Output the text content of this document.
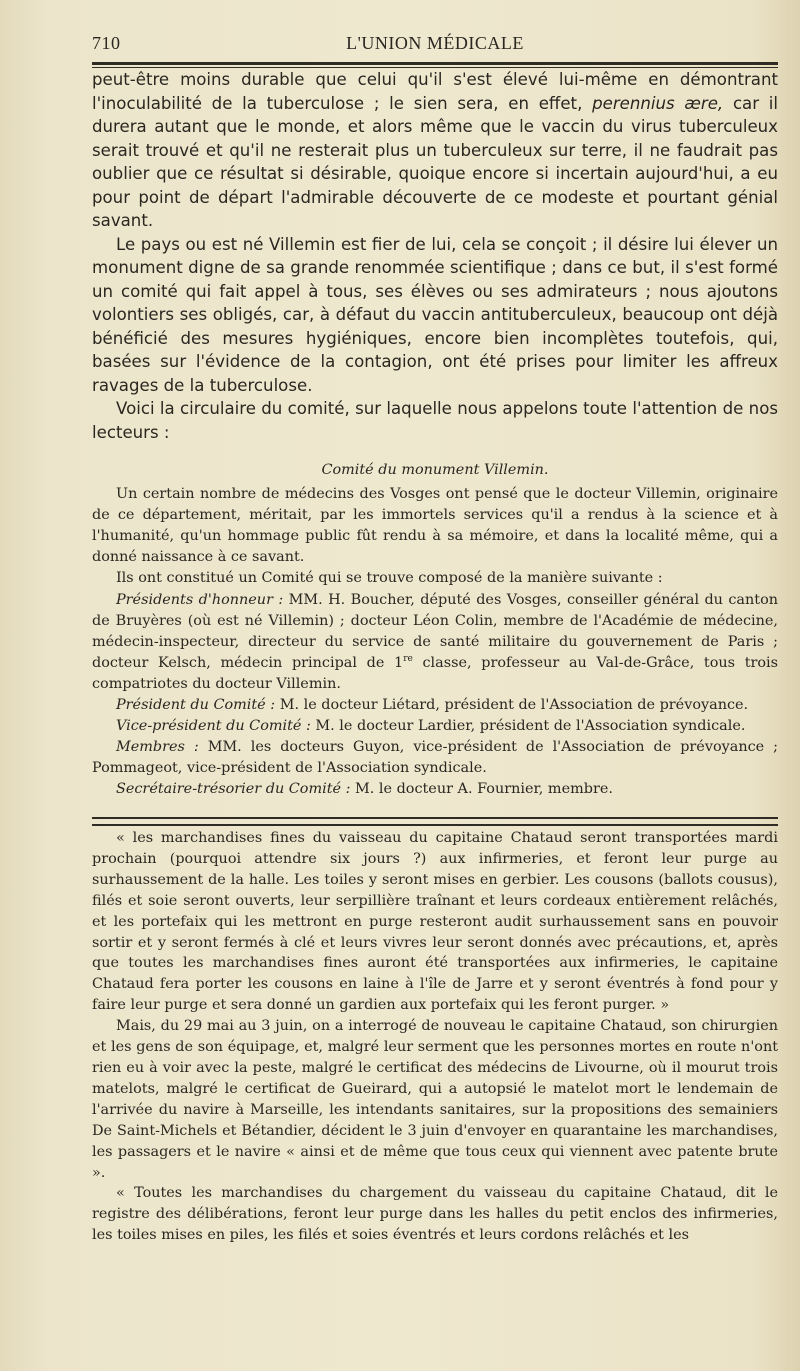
710	L'UNION MÉDICALE

peut-être moins durable que celui qu'il s'est élevé lui-même en démontrant l'inoculabilité de la tuberculose ; le sien sera, en effet, perennius ære, car il durera autant que le monde, et alors même que le vaccin du virus tuberculeux serait trouvé et qu'il ne resterait plus un tuberculeux sur terre, il ne faudrait pas oublier que ce résultat si désirable, quoique encore si incertain aujourd'hui, a eu pour point de départ l'admirable découverte de ce modeste et pourtant génial savant.

Le pays ou est né Villemin est fier de lui, cela se conçoit ; il désire lui élever un monument digne de sa grande renommée scientifique ; dans ce but, il s'est formé un comité qui fait appel à tous, ses élèves ou ses admirateurs ; nous ajoutons volontiers ses obligés, car, à défaut du vaccin antituberculeux, beaucoup ont déjà bénéficié des mesures hygiéniques, encore bien incomplètes toutefois, qui, basées sur l'évidence de la contagion, ont été prises pour limiter les affreux ravages de la tuberculose.

Voici la circulaire du comité, sur laquelle nous appelons toute l'attention de nos lecteurs :

Comité du monument Villemin.

Un certain nombre de médecins des Vosges ont pensé que le docteur Villemin, originaire de ce département, méritait, par les immortels services qu'il a rendus à la science et à l'humanité, qu'un hommage public fût rendu à sa mémoire, et dans la localité même, qui a donné naissance à ce savant.

Ils ont constitué un Comité qui se trouve composé de la manière suivante :

Présidents d'honneur : MM. H. Boucher, député des Vosges, conseiller général du canton de Bruyères (où est né Villemin) ; docteur Léon Colin, membre de l'Académie de médecine, médecin-inspecteur, directeur du service de santé militaire du gouvernement de Paris ; docteur Kelsch, médecin principal de 1re classe, professeur au Val-de-Grâce, tous trois compatriotes du docteur Villemin.

Président du Comité : M. le docteur Liétard, président de l'Association de prévoyance.

Vice-président du Comité : M. le docteur Lardier, président de l'Association syndicale.

Membres : MM. les docteurs Guyon, vice-président de l'Association de prévoyance ; Pommageot, vice-président de l'Association syndicale.

Secrétaire-trésorier du Comité : M. le docteur A. Fournier, membre.

« les marchandises fines du vaisseau du capitaine Chataud seront transportées mardi prochain (pourquoi attendre six jours ?) aux infirmeries, et feront leur purge au surhaussement de la halle. Les toiles y seront mises en gerbier. Les cousons (ballots cousus), filés et soie seront ouverts, leur serpillière traînant et leurs cordeaux entièrement relâchés, et les portefaix qui les mettront en purge resteront audit surhaussement sans en pouvoir sortir et y seront fermés à clé et leurs vivres leur seront donnés avec précautions, et, après que toutes les marchandises fines auront été transportées aux infirmeries, le capitaine Chataud fera porter les cousons en laine à l'île de Jarre et y seront éventrés à fond pour y faire leur purge et sera donné un gardien aux portefaix qui les feront purger. »

Mais, du 29 mai au 3 juin, on a interrogé de nouveau le capitaine Chataud, son chirurgien et les gens de son équipage, et, malgré leur serment que les personnes mortes en route n'ont rien eu à voir avec la peste, malgré le certificat des médecins de Livourne, où il mourut trois matelots, malgré le certificat de Gueirard, qui a autopsié le matelot mort le lendemain de l'arrivée du navire à Marseille, les intendants sanitaires, sur la propositions des semainiers De Saint-Michels et Bétandier, décident le 3 juin d'envoyer en quarantaine les marchandises, les passagers et le navire « ainsi et de même que tous ceux qui viennent avec patente brute ».

« Toutes les marchandises du chargement du vaisseau du capitaine Chataud, dit le registre des délibérations, feront leur purge dans les halles du petit enclos des infirmeries, les toiles mises en piles, les filés et soies éventrés et leurs cordons relâchés et les
